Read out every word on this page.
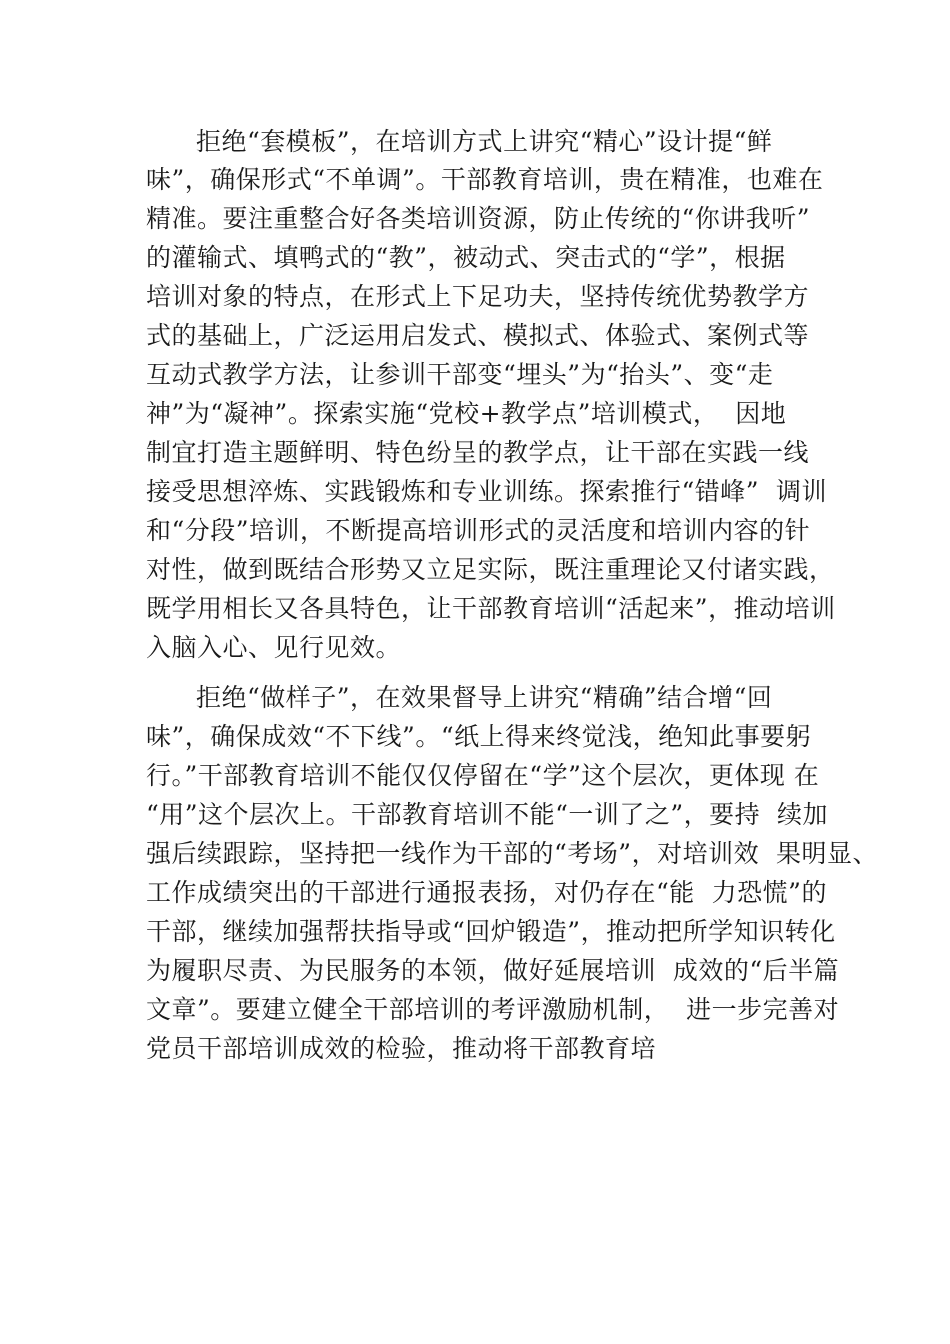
拒绝“套模板”，在培训方式上讲究“精心”设计提“鲜
味”，确保形式“不单调”。干部教育培训，贵在精准，也难在
精准。要注重整合好各类培训资源，防止传统的“你讲我听”
的灌输式、填鸭式的“教”，被动式、突击式的“学”，根据
培训对象的特点，在形式上下足功夫，坚持传统优势教学方
式的基础上，广泛运用启发式、模拟式、体验式、案例式等
互动式教学方法，让参训干部变“埋头”为“抬头”、变“走
神”为“凝神”。探索实施“党校+教学点”培训模式，  因地
制宜打造主题鲜明、特色纷呈的教学点，让干部在实践一线
接受思想淬炼、实践锻炼和专业训练。探索推行“错峰”  调训
和“分段”培训，不断提高培训形式的灵活度和培训内容的针
对性，做到既结合形势又立足实际，既注重理论又付诸实践，
既学用相长又各具特色，让干部教育培训“活起来”，推动培训
入脑入心、见行见效。
拒绝“做样子”，在效果督导上讲究“精确”结合增“回
味”，确保成效“不下线”。“纸上得来终觉浅，绝知此事要躬
行。”干部教育培训不能仅仅停留在“学”这个层次，更体现 在
“用”这个层次上。干部教育培训不能“一训了之”，要持  续加
强后续跟踪，坚持把一线作为干部的“考场”，对培训效  果明显、
工作成绩突出的干部进行通报表扬，对仍存在“能  力恐慌”的
干部，继续加强帮扶指导或“回炉锻造”，推动把所学知识转化
为履职尽责、为民服务的本领，做好延展培训  成效的“后半篇
文章”。要建立健全干部培训的考评激励机制，  进一步完善对
党员干部培训成效的检验，推动将干部教育培
